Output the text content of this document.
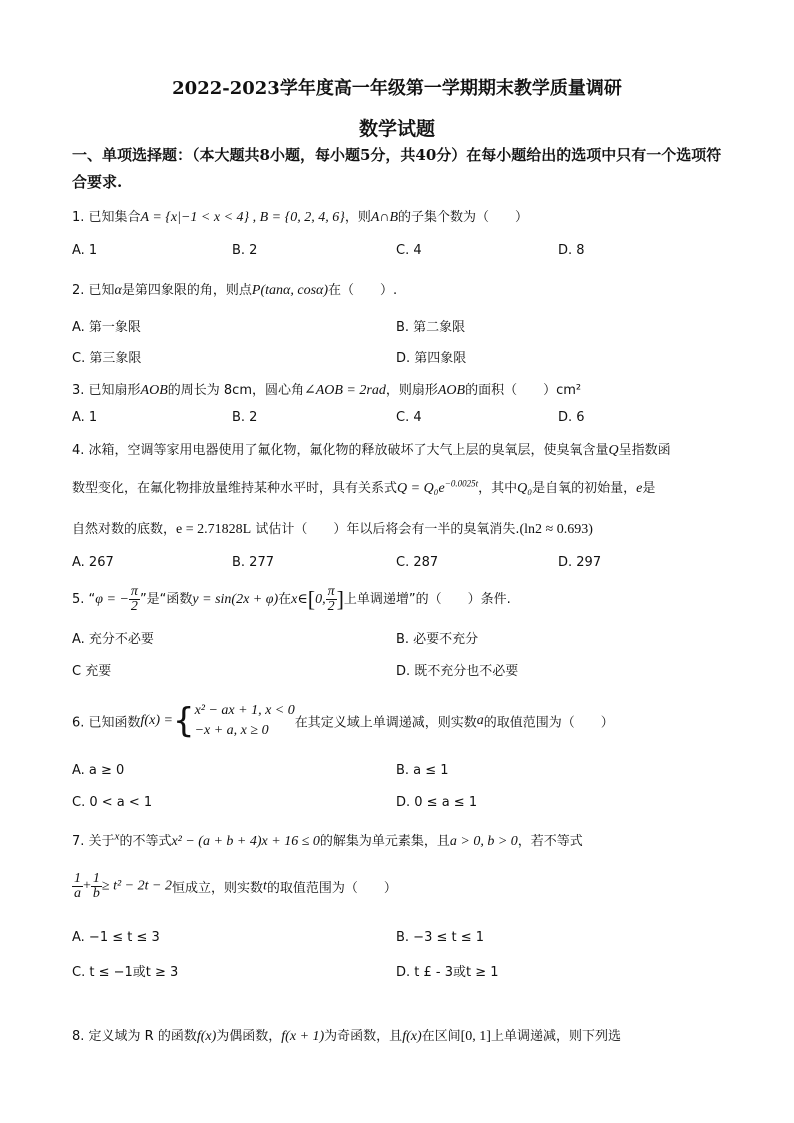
2022-2023学年度高一年级第一学期期末教学质量调研
数学试题
一、单项选择题：（本大题共8小题，每小题5分，共40分）在每小题给出的选项中只有一个选项符合要求.
1. 已知集合A = {x|−1 < x < 4} , B = {0, 2, 4, 6}，则A∩B的子集个数为（　　）
A. 1	B. 2	C. 4	D. 8
2. 已知α是第四象限的角，则点P(tanα, cosα)在（　　）.
A. 第一象限	B. 第二象限
C. 第三象限	D. 第四象限
3. 已知扇形AOB的周长为 8cm，圆心角∠AOB = 2rad，则扇形AOB的面积（　　）cm²
A. 1	B. 2	C. 4	D. 6
4. 冰箱，空调等家用电器使用了氟化物，氟化物的释放破坏了大气上层的臭氧层，使臭氧含量Q呈指数函
数型变化，在氟化物排放量维持某种水平时，具有关系式$Q = Q_0e^{-0.0025t}$，其中Q₀是自氧的初始量，e是
自然对数的底数，e = 2.71828L 试估计（　　）年以后将会有一半的臭氧消失.(ln2 ≈ 0.693)
A. 267	B. 277	C. 287	D. 297
5. “φ = − $\frac{\pi}{2}$ ”是“函数y = sin(2x + φ)在x∈[0, $\frac{\pi}{2}$ ]上单调递增”的（　　）条件.
A. 充分不必要	B. 必要不充分
C 充要	D. 既不充分也不必要
6. 已知函数f(x) ={ x² − ax + 1, x < 0
−x + a, x ≥ 0	在其定义域上单调递减，则实数a的取值范围为（　　）
A. a ≥ 0	B. a ≤ 1
C. 0 < a < 1	D. 0 ≤ a ≤ 1
7. 关于$^x$的不等式x² − (a + b + 4)x + 16 ≤ 0的解集为单元素集，且a > 0, b > 0，若不等式
$\frac{1}{a} + \frac{1}{b} \ge t^2 - 2t - 2$恒成立，则实数t的取值范围为（　　）
A. −1 ≤ t ≤ 3	B. −3 ≤ t ≤ 1
C. t ≤ −1或t ≥ 3	D. t £ - 3或t ≥ 1
8. 定义域为 R 的函数f(x)为偶函数，f(x + 1)为奇函数，且f(x)在区间[0, 1]上单调递减，则下列选
